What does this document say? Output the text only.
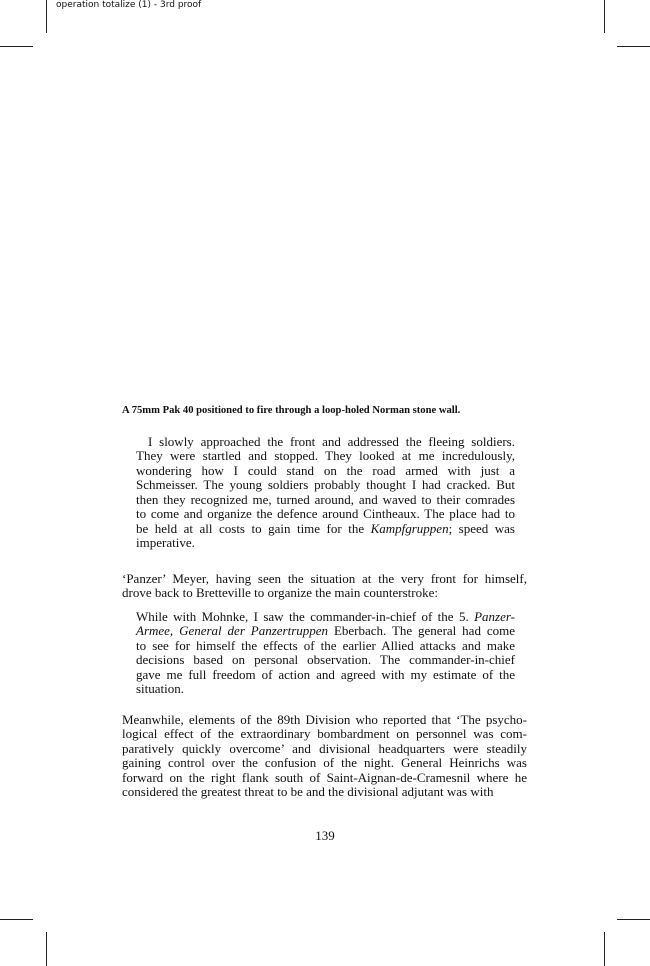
operation totalize (1) - 3rd proof
A 75mm Pak 40 positioned to fire through a loop-holed Norman stone wall.
I slowly approached the front and addressed the fleeing soldiers.
They were startled and stopped. They looked at me incredulously,
wondering how I could stand on the road armed with just a
Schmeisser. The young soldiers probably thought I had cracked. But
then they recognized me, turned around, and waved to their comrades
to come and organize the defence around Cintheaux. The place had to
be held at all costs to gain time for the Kampfgruppen; speed was
imperative.
‘Panzer’ Meyer, having seen the situation at the very front for himself,
drove back to Bretteville to organize the main counterstroke:
While with Mohnke, I saw the commander-in-chief of the 5. Panzer-
Armee, General der Panzertruppen Eberbach. The general had come
to see for himself the effects of the earlier Allied attacks and make
decisions based on personal observation. The commander-in-chief
gave me full freedom of action and agreed with my estimate of the
situation.
Meanwhile, elements of the 89th Division who reported that ‘The psycho-
logical effect of the extraordinary bombardment on personnel was com-
paratively quickly overcome’ and divisional headquarters were steadily
gaining control over the confusion of the night. General Heinrichs was
forward on the right flank south of Saint-Aignan-de-Cramesnil where he
considered the greatest threat to be and the divisional adjutant was with
139
